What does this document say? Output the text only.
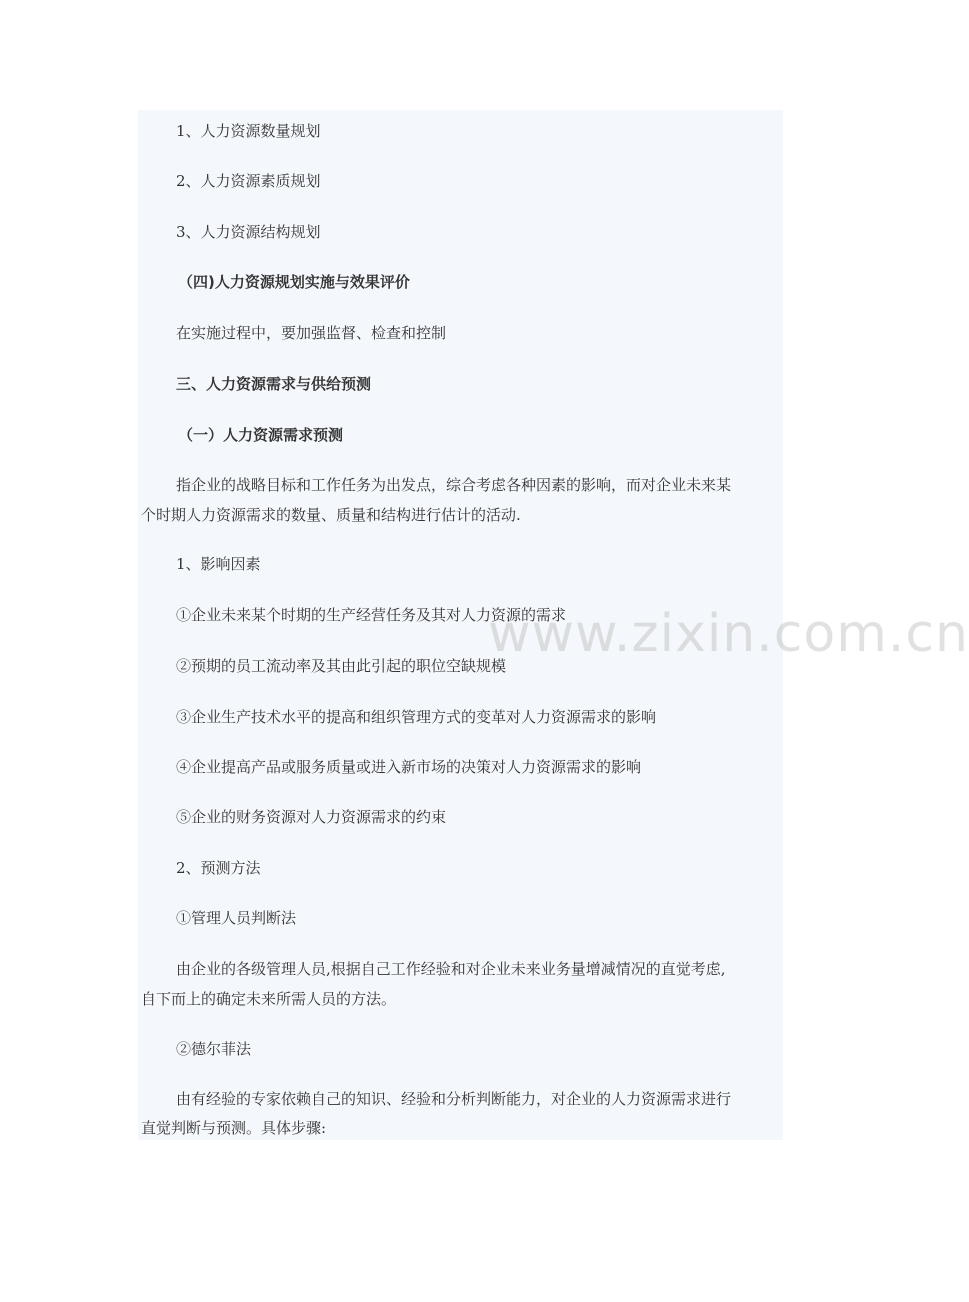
1、人力资源数量规划
2、人力资源素质规划
3、人力资源结构规划
（四)人力资源规划实施与效果评价
在实施过程中，要加强监督、检查和控制
三、人力资源需求与供给预测
（一）人力资源需求预测
指企业的战略目标和工作任务为出发点，综合考虑各种因素的影响，而对企业未来某
个时期人力资源需求的数量、质量和结构进行估计的活动.
1、影响因素
①企业未来某个时期的生产经营任务及其对人力资源的需求
②预期的员工流动率及其由此引起的职位空缺规模
③企业生产技术水平的提高和组织管理方式的变革对人力资源需求的影响
④企业提高产品或服务质量或进入新市场的决策对人力资源需求的影响
⑤企业的财务资源对人力资源需求的约束
2、预测方法
①管理人员判断法
由企业的各级管理人员,根据自己工作经验和对企业未来业务量增减情况的直觉考虑,
自下而上的确定未来所需人员的方法。
②德尔菲法
由有经验的专家依赖自己的知识、经验和分析判断能力，对企业的人力资源需求进行
直觉判断与预测。具体步骤:
www.zixin.com.cn
